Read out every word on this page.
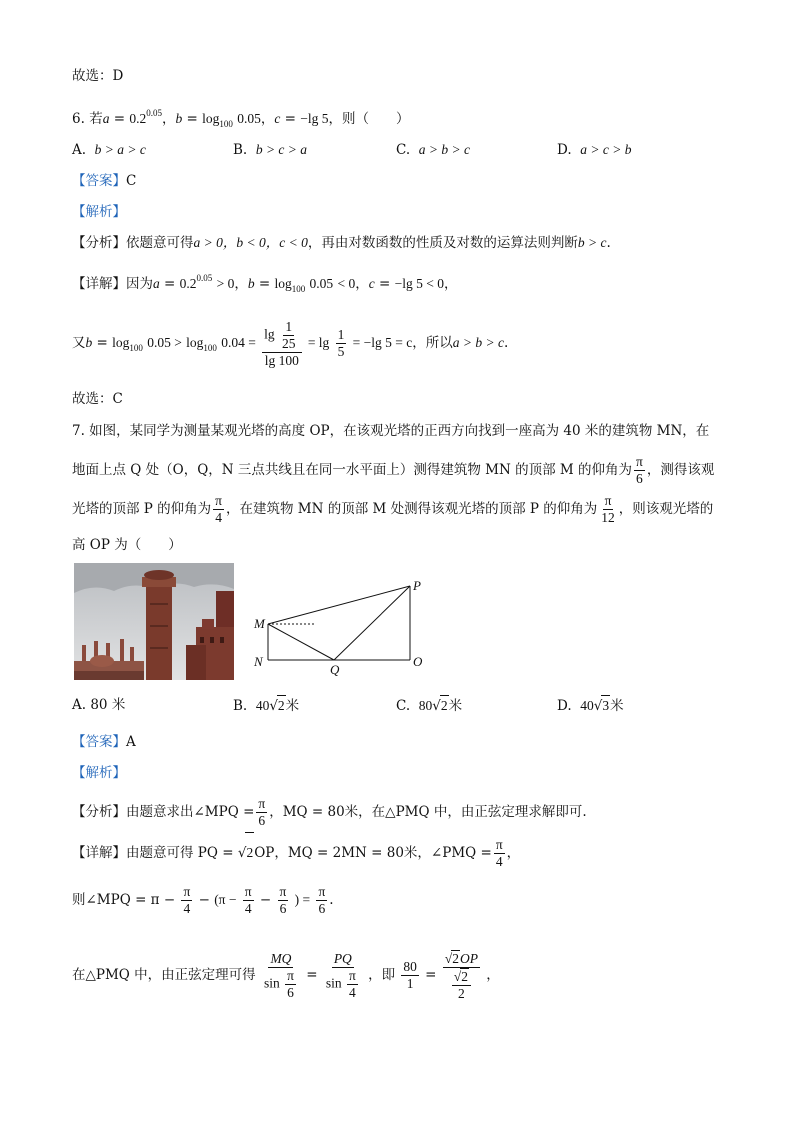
故选：D
6. 若$a = 0.2^{0.05}$，$b = \log_{100} 0.05$，c = −lg 5，则（　　）
A. b > a > c	B. b > c > a	C. a > b > c	D. a > c > b
【答案】C
【解析】
【分析】依题意可得a > 0，b < 0，c < 0，再由对数函数的性质及对数的运算法则判断b > c.
【详解】因为$a = 0.2^{0.05} > 0$，$b = \log_{100} 0.05 < 0$，c = −lg 5 < 0，
又$b = \log_{100} 0.05 > \log_{100} 0.04 = \frac{\lg \frac{1}{25}}{\lg 100} = \lg \frac{1}{5} = -\lg$ 5 = c，所以a > b > c.
故选：C
7. 如图，某同学为测量某观光塔的高度 OP，在该观光塔的正西方向找到一座高为 40 米的建筑物 MN，在
地面上点 Q 处（O，Q，N 三点共线且在同一水平面上）测得建筑物 MN 的顶部 M 的仰角为 $\frac{\pi}{6}$ ，测得该观
光塔的顶部 P 的仰角为 $\frac{\pi}{4}$ ，在建筑物 MN 的顶部 M 处测得该观光塔的顶部 P 的仰角为 $\frac{\pi}{12}$ ，则该观光塔的
高 OP 为（　　）
M
N
Q
O
P
A. 80 米	B. 40√2米	C. 80√2米	D. 40√3米
【答案】A
【解析】
【分析】由题意求出∠MPQ = $\frac{\pi}{6}$ ，MQ = 80米，在△PMQ 中，由正弦定理求解即可.
【详解】由题意可得 PQ = √2OP，MQ = 2MN = 80米，∠PMQ = $\frac{\pi}{4}$ ，
则∠MPQ = $\pi - \frac{\pi}{4} - (\pi - \frac{\pi}{4} - \frac{\pi}{6}$ ) = $\frac{\pi}{6}$ .
在△PMQ 中，由正弦定理可得 $\frac{MQ}{\sin \frac{\pi}{6}} = \frac{PQ}{\sin \frac{\pi}{4}}$ ，即 $\frac{80}{1} = \frac{√2OP}{\frac{√2}{2}}$ ，
